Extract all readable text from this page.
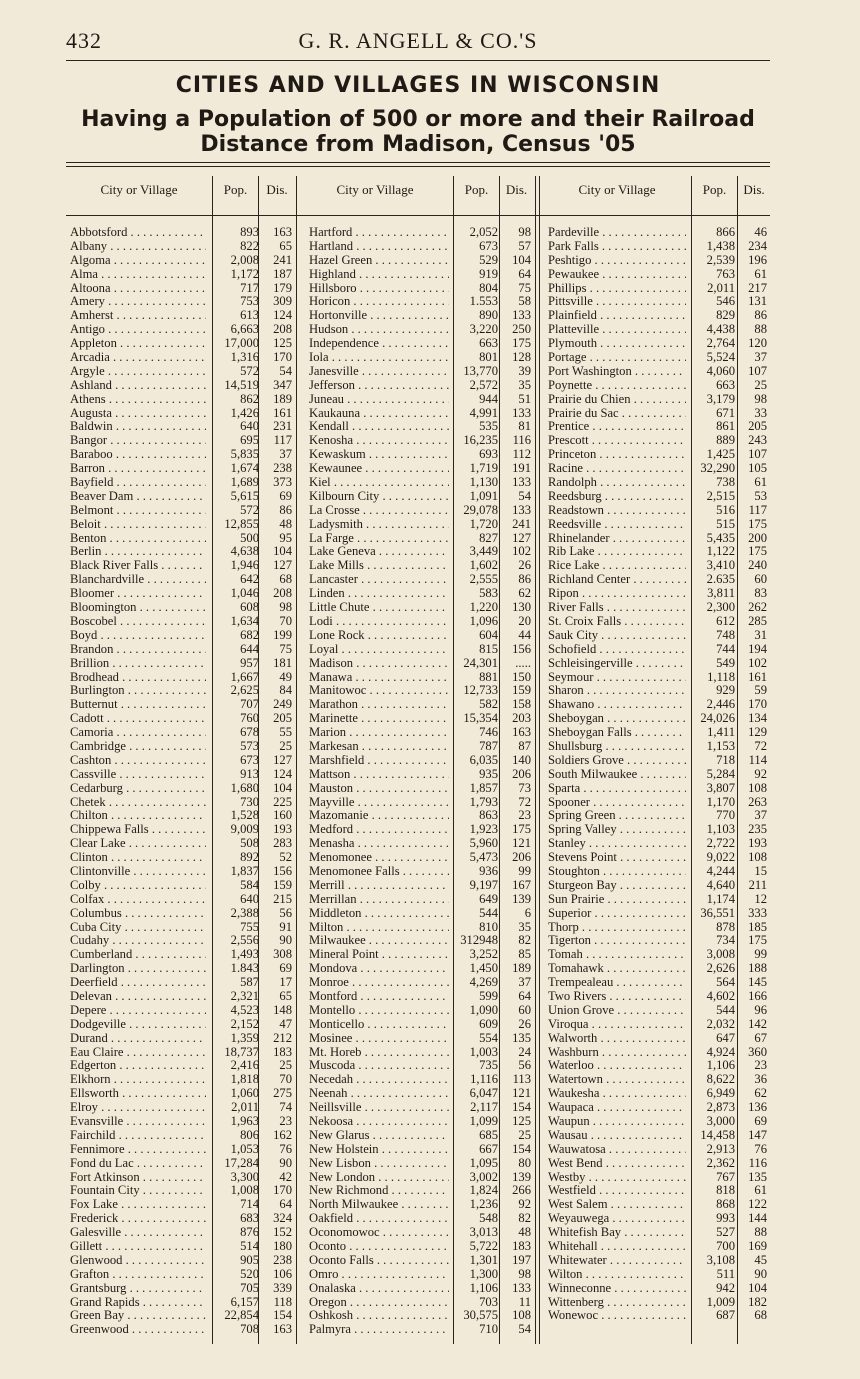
432	G. R. ANGELL & CO.'S
CITIES AND VILLAGES IN WISCONSIN
Having a Population of 500 or more and their Railroad
Distance from Madison, Census '05
City or Village	Pop.	Dis.	City or Village	Pop.	Dis.	City or Village	Pop.	Dis.
Abbotsford . . .	893	163
Albany . . .	822	65
Algoma . . .	2,008	241
Alma . . .	1,172	187
Altoona . . .	717	179
Amery . . .	753	309
Amherst . . .	613	124
Antigo . . .	6,663	208
Appleton . . .	17,000	125
Arcadia . . .	1,316	170
Argyle . . .	572	54
Ashland . . .	14,519	347
Athens . . .	862	189
Augusta . . .	1,426	161
Baldwin . . .	640	231
Bangor . . .	695	117
Baraboo . . .	5,835	37
Barron . . .	1,674	238
Bayfield . . .	1,689	373
Beaver Dam . . .	5,615	69
Belmont . . .	572	86
Beloit . . .	12,855	48
Benton . . .	500	95
Berlin . . .	4,638	104
Black River Falls . . .	1,946	127
Blanchardville . . .	642	68
Bloomer . . .	1,046	208
Bloomington . . .	608	98
Boscobel . . .	1,634	70
Boyd . . .	682	199
Brandon . . .	644	75
Brillion . . .	957	181
Brodhead . . .	1,667	49
Burlington . . .	2,625	84
Butternut . . .	707	249
Cadott . . .	760	205
Camoria . . .	678	55
Cambridge . . .	573	25
Cashton . . .	673	127
Cassville . . .	913	124
Cedarburg . . .	1,680	104
Chetek . . .	730	225
Chilton . . .	1,528	160
Chippewa Falls . . .	9,009	193
Clear Lake . . .	508	283
Clinton . . .	892	52
Clintonville . . .	1,837	156
Colby . . .	584	159
Colfax . . .	640	215
Columbus . . .	2,388	56
Cuba City . . .	755	91
Cudahy . . .	2,556	90
Cumberland . . .	1,493	308
Darlington . . .	1.843	69
Deerfield . . .	587	17
Delevan . . .	2,321	65
Depere . . .	4,523	148
Dodgeville . . .	2,152	47
Durand . . .	1,359	212
Eau Claire . . .	18,737	183
Edgerton . . .	2,416	25
Elkhorn . . .	1,818	70
Ellsworth . . .	1,060	275
Elroy . . .	2,011	74
Evansville . . .	1,963	23
Fairchild . . .	806	162
Fennimore . . .	1,053	76
Fond du Lac . . .	17,284	90
Fort Atkinson . . .	3,300	42
Fountain City . . .	1,008	170
Fox Lake . . .	714	64
Frederick . . .	683	324
Galesville . . .	876	152
Gillett . . .	514	180
Glenwood . . .	905	238
Grafton . . .	520	106
Grantsburg . . .	705	339
Grand Rapids . . .	6,157	118
Green Bay . . .	22,854	154
Greenwood . . .	708	163
Hartford . . .	2,052	98
Hartland . . .	673	57
Hazel Green . . .	529	104
Highland . . .	919	64
Hillsboro . . .	804	75
Horicon . . .	1.553	58
Hortonville . . .	890	133
Hudson . . .	3,220	250
Independence . . .	663	175
Iola . . .	801	128
Janesville . . .	13,770	39
Jefferson . . .	2,572	35
Juneau . . .	944	51
Kaukauna . . .	4,991	133
Kendall . . .	535	81
Kenosha . . .	16,235	116
Kewaskum . . .	693	112
Kewaunee . . .	1,719	191
Kiel . . .	1,130	133
Kilbourn City . . .	1,091	54
La Crosse . . .	29,078	133
Ladysmith . . .	1,720	241
La Farge . . .	827	127
Lake Geneva . . .	3,449	102
Lake Mills . . .	1,602	26
Lancaster . . .	2,555	86
Linden . . .	583	62
Little Chute . . .	1,220	130
Lodi . . .	1,096	20
Lone Rock . . .	604	44
Loyal . . .	815	156
Madison . . .	24,301	.....
Manawa . . .	881	150
Manitowoc . . .	12,733	159
Marathon . . .	582	158
Marinette . . .	15,354	203
Marion . . .	746	163
Markesan . . .	787	87
Marshfield . . .	6,035	140
Mattson . . .	935	206
Mauston . . .	1,857	73
Mayville . . .	1,793	72
Mazomanie . . .	863	23
Medford . . .	1,923	175
Menasha . . .	5,960	121
Menomonee . . .	5,473	206
Menomonee Falls . . .	936	99
Merrill . . .	9,197	167
Merrillan . . .	649	139
Middleton . . .	544	6
Milton . . .	810	35
Milwaukee . . .	312948	82
Mineral Point . . .	3,252	85
Mondova . . .	1,450	189
Monroe . . .	4,269	37
Montford . . .	599	64
Montello . . .	1,090	60
Monticello . . .	609	26
Mosinee . . .	554	135
Mt. Horeb . . .	1,003	24
Muscoda . . .	735	56
Necedah . . .	1,116	113
Neenah . . .	6,047	121
Neillsville . . .	2,117	154
Nekoosa . . .	1,099	125
New Glarus . . .	685	25
New Holstein . . .	667	154
New Lisbon . . .	1,095	80
New London . . .	3,002	139
New Richmond . . .	1,824	266
North Milwaukee . . .	1,236	92
Oakfield . . .	548	82
Oconomowoc . . .	3,013	48
Oconto . . .	5,722	183
Oconto Falls . . .	1,301	197
Omro . . .	1,300	98
Onalaska . . .	1,106	133
Oregon . . .	703	11
Oshkosh . . .	30,575	108
Palmyra . . .	710	54
Pardeville . . .	866	46
Park Falls . . .	1,438	234
Peshtigo . . .	2,539	196
Pewaukee . . .	763	61
Phillips . . .	2,011	217
Pittsville . . .	546	131
Plainfield . . .	829	86
Platteville . . .	4,438	88
Plymouth . . .	2,764	120
Portage . . .	5,524	37
Port Washington . . .	4,060	107
Poynette . . .	663	25
Prairie du Chien . . .	3,179	98
Prairie du Sac . . .	671	33
Prentice . . .	861	205
Prescott . . .	889	243
Princeton . . .	1,425	107
Racine . . .	32,290	105
Randolph . . .	738	61
Reedsburg . . .	2,515	53
Readstown . . .	516	117
Reedsville . . .	515	175
Rhinelander . . .	5,435	200
Rib Lake . . .	1,122	175
Rice Lake . . .	3,410	240
Richland Center . . .	2.635	60
Ripon . . .	3,811	83
River Falls . . .	2,300	262
St. Croix Falls . . .	612	285
Sauk City . . .	748	31
Schofield . . .	744	194
Schleisingerville . . .	549	102
Seymour . . .	1,118	161
Sharon . . .	929	59
Shawano . . .	2,446	170
Sheboygan . . .	24,026	134
Sheboygan Falls . . .	1,411	129
Shullsburg . . .	1,153	72
Soldiers Grove . . .	718	114
South Milwaukee . . .	5,284	92
Sparta . . .	3,807	108
Spooner . . .	1,170	263
Spring Green . . .	770	37
Spring Valley . . .	1,103	235
Stanley . . .	2,722	193
Stevens Point . . .	9,022	108
Stoughton . . .	4,244	15
Sturgeon Bay . . .	4,640	211
Sun Prairie . . .	1,174	12
Superior . . .	36,551	333
Thorp . . .	878	185
Tigerton . . .	734	175
Tomah . . .	3,008	99
Tomahawk . . .	2,626	188
Trempealeau . . .	564	145
Two Rivers . . .	4,602	166
Union Grove . . .	544	96
Viroqua . . .	2,032	142
Walworth . . .	647	67
Washburn . . .	4,924	360
Waterloo . . .	1,106	23
Watertown . . .	8,622	36
Waukesha . . .	6,949	62
Waupaca . . .	2,873	136
Waupun . . .	3,000	69
Wausau . . .	14,458	147
Wauwatosa . . .	2,913	76
West Bend . . .	2,362	116
Westby . . .	767	135
Westfield . . .	818	61
West Salem . . .	868	122
Weyauwega . . .	993	144
Whitefish Bay . . .	527	88
Whitehall . . .	700	169
Whitewater . . .	3,108	45
Wilton . . .	511	90
Winneconne . . .	942	104
Wittenberg . . .	1,009	182
Wonewoc . . .	687	68
